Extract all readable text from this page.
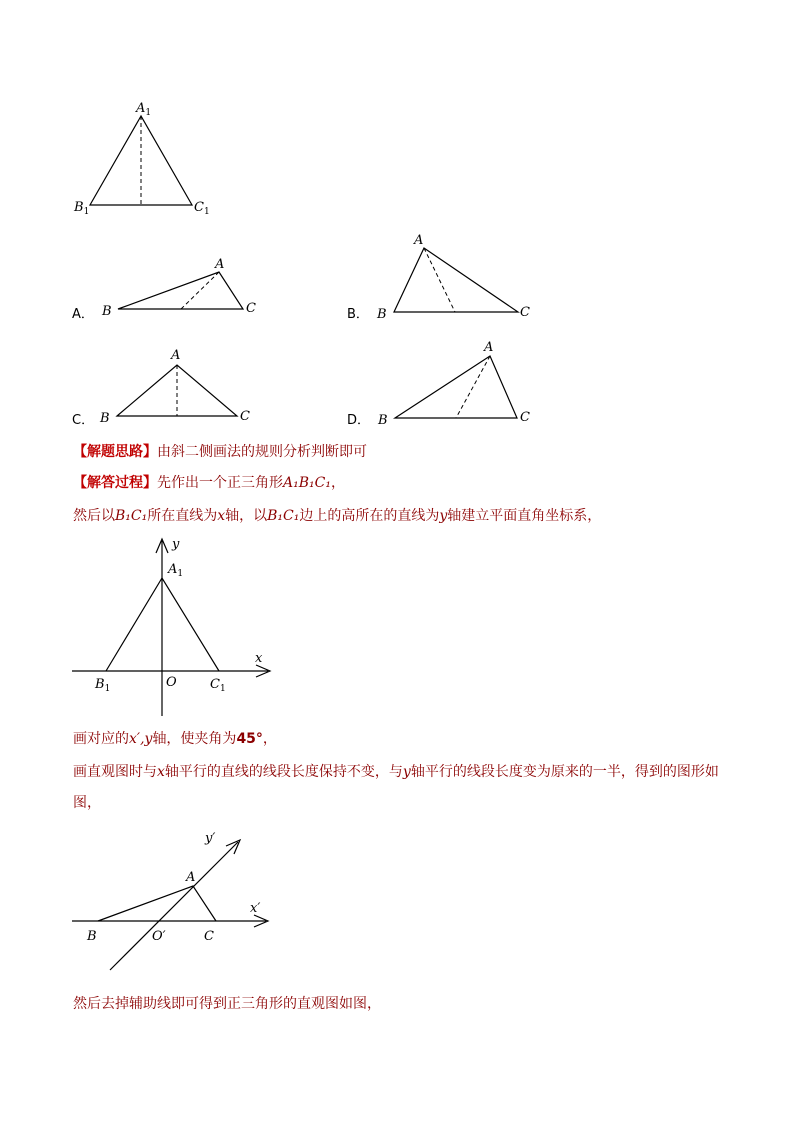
$A_1$
$B_1$	$C_1$
A． B	C
A
B． B	C
A
C． B	C
A
D． B	C
A
y
x
O
$A_1$
$B_1$	$C_1$
y′
x′
A
B	C
O′
【解题思路】由斜二侧画法的规则分析判断即可
【解答过程】先作出一个正三角形A₁B₁C₁，
然后以B₁C₁所在直线为x轴，以B₁C₁边上的高所在的直线为y轴建立平面直角坐标系，
画对应的x′,y轴，使夹角为45°，
画直观图时与x轴平行的直线的线段长度保持不变，与y轴平行的线段长度变为原来的一半，得到的图形如
图，
然后去掉辅助线即可得到正三角形的直观图如图，
